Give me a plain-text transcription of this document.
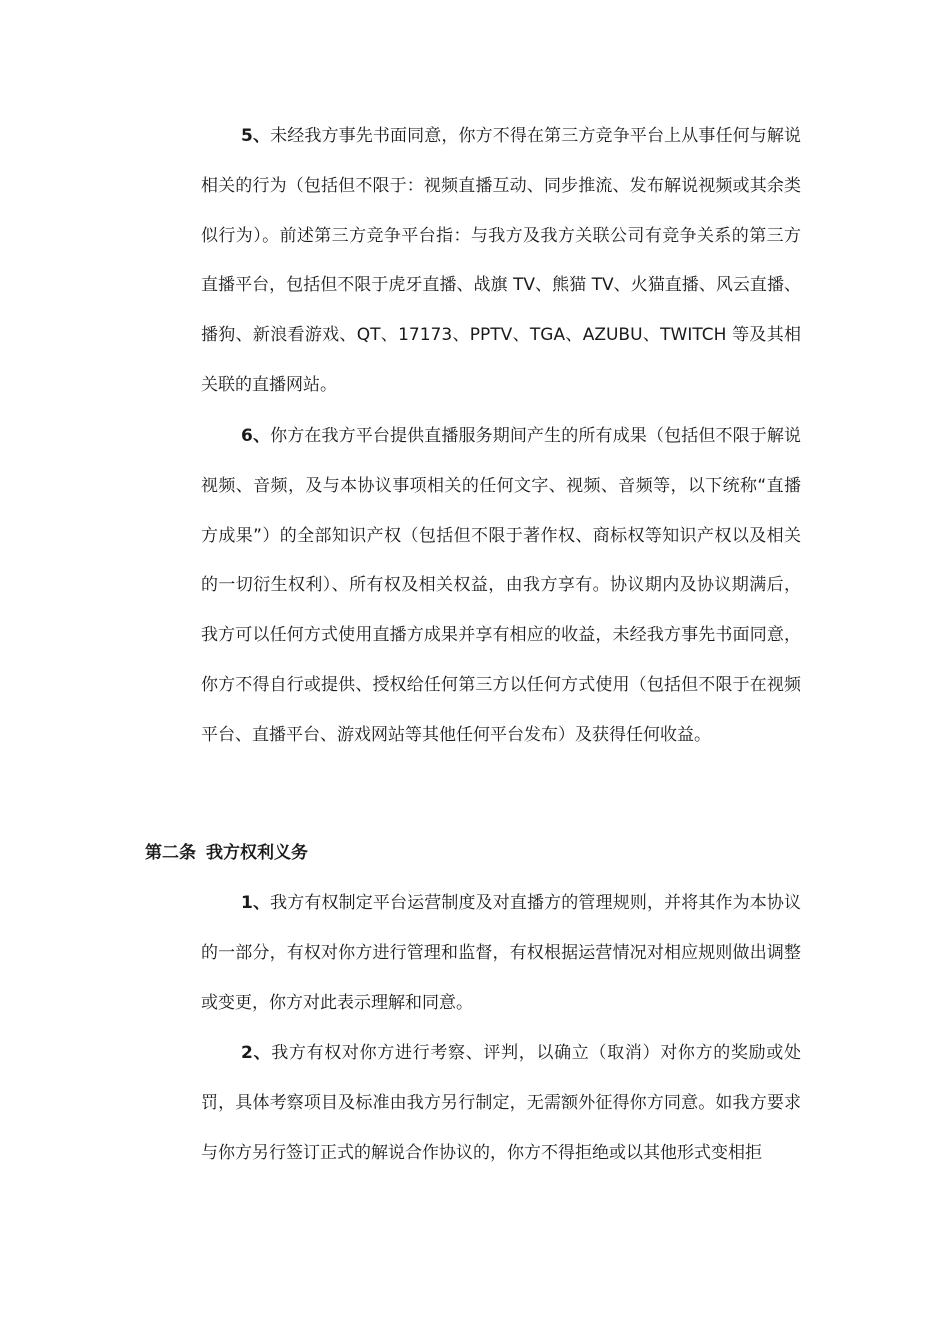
5、未经我方事先书面同意，你方不得在第三方竞争平台上从事任何与解说相关的行为（包括但不限于：视频直播互动、同步推流、发布解说视频或其余类似行为）。前述第三方竞争平台指：与我方及我方关联公司有竞争关系的第三方直播平台，包括但不限于虎牙直播、战旗 TV、熊猫 TV、火猫直播、风云直播、播狗、新浪看游戏、QT、17173、PPTV、TGA、AZUBU、TWITCH 等及其相关联的直播网站。
6、你方在我方平台提供直播服务期间产生的所有成果（包括但不限于解说视频、音频，及与本协议事项相关的任何文字、视频、音频等，以下统称“直播方成果”）的全部知识产权（包括但不限于著作权、商标权等知识产权以及相关的一切衍生权利）、所有权及相关权益，由我方享有。协议期内及协议期满后，我方可以任何方式使用直播方成果并享有相应的收益，未经我方事先书面同意，你方不得自行或提供、授权给任何第三方以任何方式使用（包括但不限于在视频平台、直播平台、游戏网站等其他任何平台发布）及获得任何收益。
第二条 我方权利义务
1、我方有权制定平台运营制度及对直播方的管理规则，并将其作为本协议的一部分，有权对你方进行管理和监督，有权根据运营情况对相应规则做出调整或变更，你方对此表示理解和同意。
2、我方有权对你方进行考察、评判，以确立（取消）对你方的奖励或处罚，具体考察项目及标准由我方另行制定，无需额外征得你方同意。如我方要求与你方另行签订正式的解说合作协议的，你方不得拒绝或以其他形式变相拒
